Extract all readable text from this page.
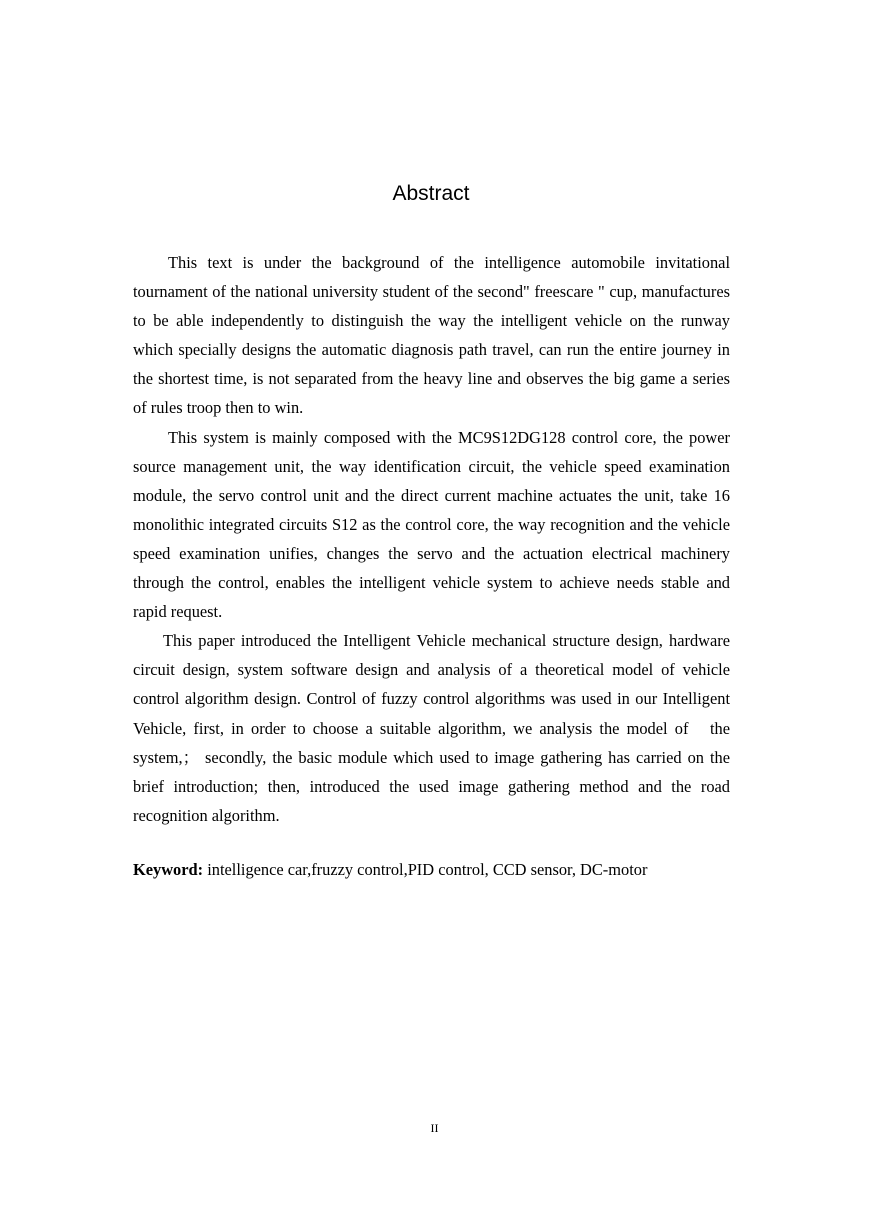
Abstract

This text is under the background of the intelligence automobile invitational tournament of the national university student of the second" freescare " cup, manufactures to be able independently to distinguish the way the intelligent vehicle on the runway which specially designs the automatic diagnosis path travel, can run the entire journey in the shortest time, is not separated from the heavy line and observes the big game a series of rules troop then to win.

This system is mainly composed with the MC9S12DG128 control core, the power source management unit, the way identification circuit, the vehicle speed examination module, the servo control unit and the direct current machine actuates the unit, take 16 monolithic integrated circuits S12 as the control core, the way recognition and the vehicle speed examination unifies, changes the servo and the actuation electrical machinery through the control, enables the intelligent vehicle system to achieve needs stable and rapid request.

This paper introduced the Intelligent Vehicle mechanical structure design, hardware circuit design, system software design and analysis of a theoretical model of vehicle control algorithm design. Control of fuzzy control algorithms was used in our Intelligent Vehicle, first, in order to choose a suitable algorithm, we analysis the model of   the system,； secondly, the basic module which used to image gathering has carried on the brief introduction; then, introduced the used image gathering method and the road recognition algorithm.

Keyword: intelligence car,fruzzy control,PID control, CCD sensor, DC-motor
II
